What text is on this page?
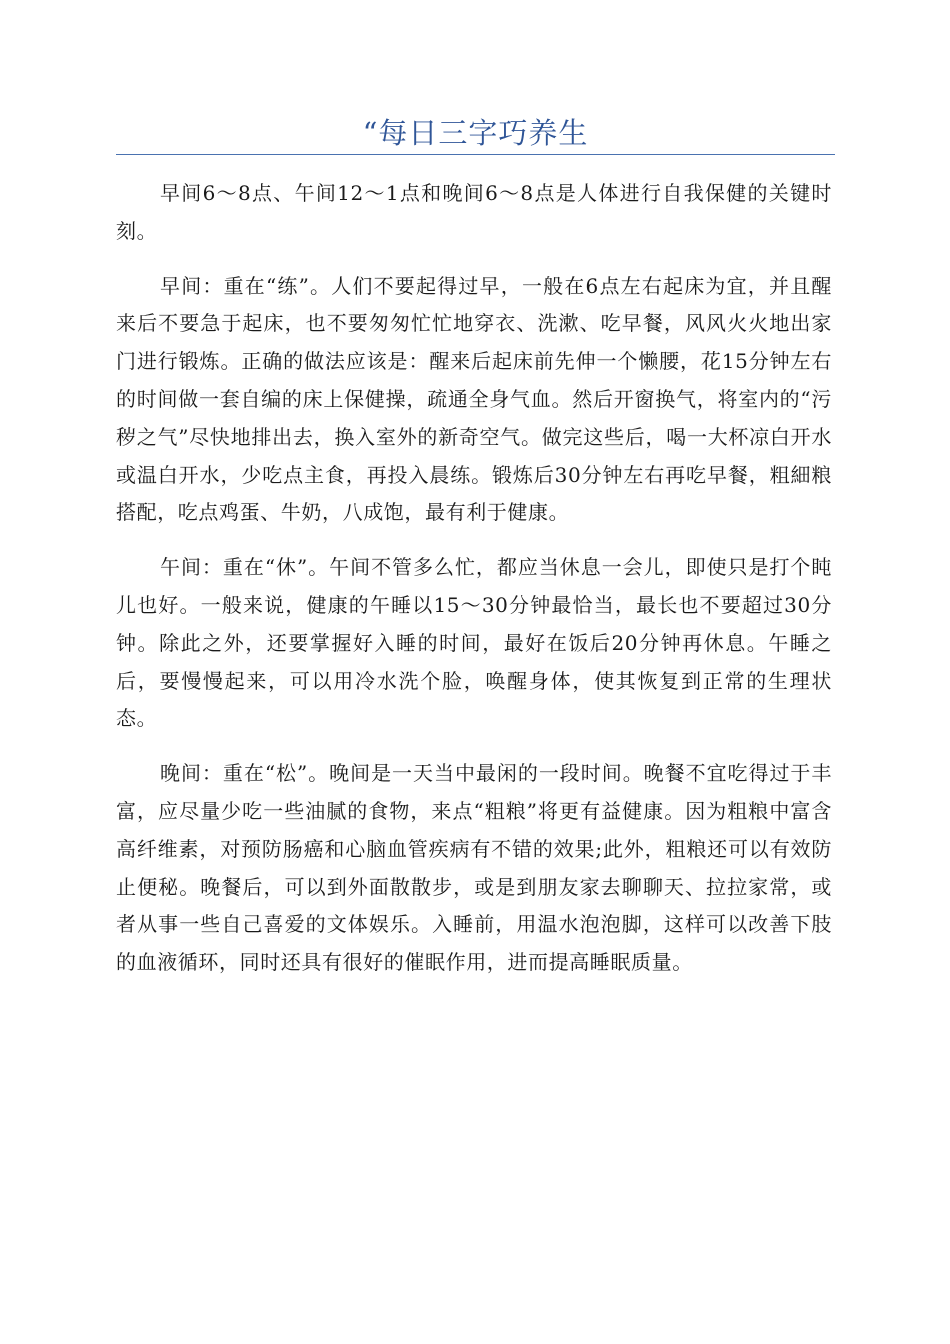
“每日三字巧养生

早间6～8点、午间12～1点和晚间6～8点是人体进行自我保健的关键时刻。

早间：重在“练”。人们不要起得过早，一般在6点左右起床为宜，并且醒来后不要急于起床，也不要匆匆忙忙地穿衣、洗漱、吃早餐，风风火火地出家门进行锻炼。正确的做法应该是：醒来后起床前先伸一个懒腰，花15分钟左右的时间做一套自编的床上保健操，疏通全身气血。然后开窗换气，将室内的“污秽之气”尽快地排出去，换入室外的新奇空气。做完这些后，喝一大杯凉白开水或温白开水，少吃点主食，再投入晨练。锻炼后30分钟左右再吃早餐，粗細粮搭配，吃点鸡蛋、牛奶，八成饱，最有利于健康。

午间：重在“休”。午间不管多么忙，都应当休息一会儿，即使只是打个盹儿也好。一般来说，健康的午睡以15～30分钟最恰当，最长也不要超过30分钟。除此之外，还要掌握好入睡的时间，最好在饭后20分钟再休息。午睡之后，要慢慢起来，可以用冷水洗个脸，唤醒身体，使其恢复到正常的生理状态。

晚间：重在“松”。晚间是一天当中最闲的一段时间。晚餐不宜吃得过于丰富，应尽量少吃一些油腻的食物，来点“粗粮”将更有益健康。因为粗粮中富含高纤维素，对预防肠癌和心脑血管疾病有不错的效果;此外，粗粮还可以有效防止便秘。晚餐后，可以到外面散散步，或是到朋友家去聊聊天、拉拉家常，或者从事一些自己喜爱的文体娱乐。入睡前，用温水泡泡脚，这样可以改善下肢的血液循环，同时还具有很好的催眠作用，进而提高睡眠质量。
